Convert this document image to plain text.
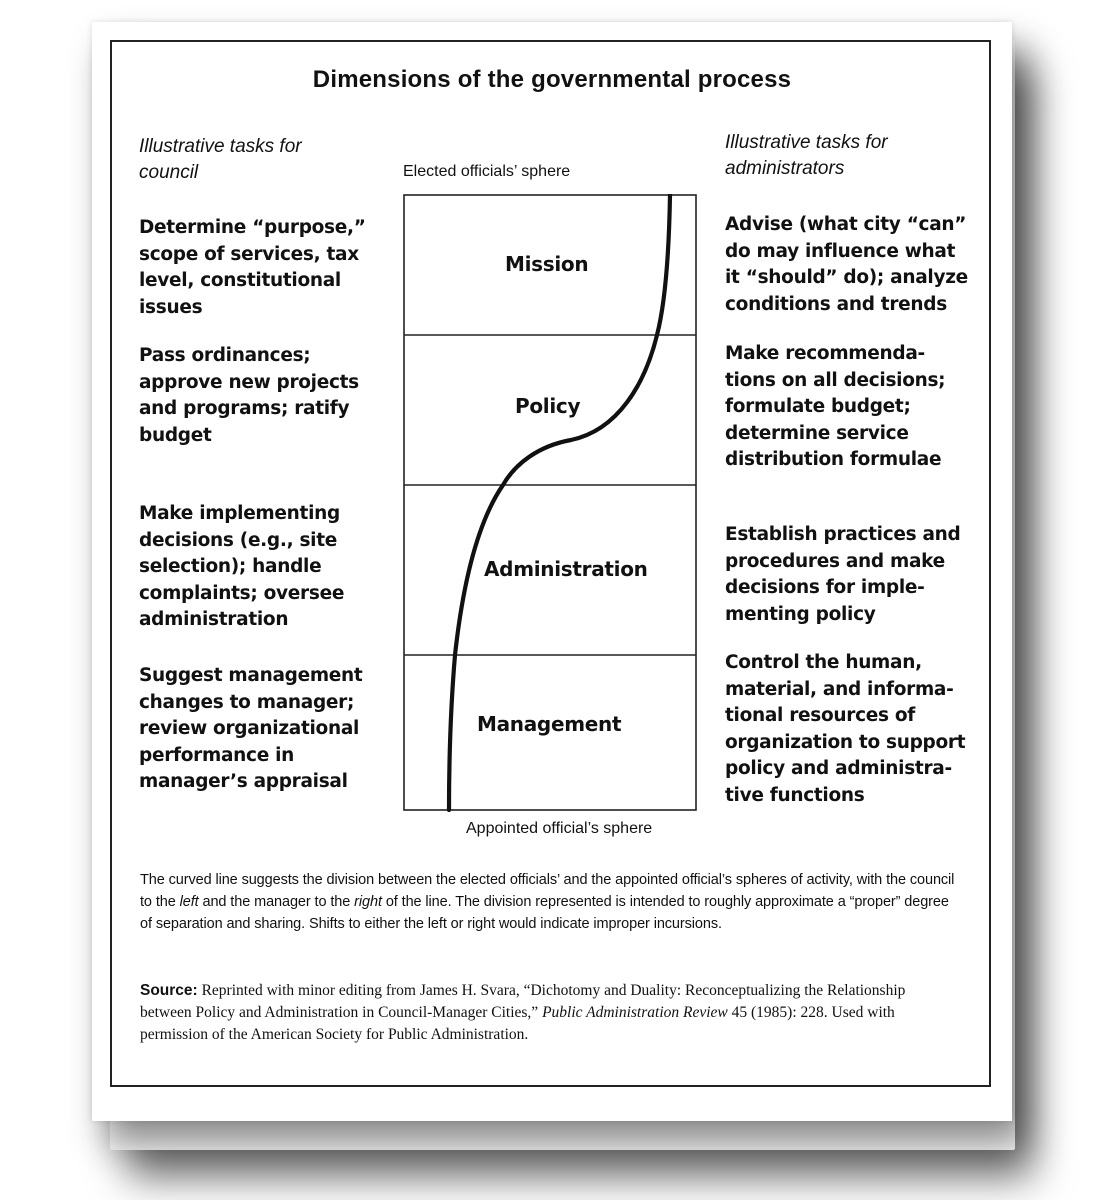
Dimensions of the governmental process
Illustrative tasks for
council
Illustrative tasks for
administrators
Elected officials’ sphere
Appointed official’s sphere
Determine “purpose,”
scope of services, tax
level, constitutional
issues
Pass ordinances;
approve new projects
and programs; ratify
budget
Make implementing
decisions (e.g., site
selection); handle
complaints; oversee
administration
Suggest management
changes to manager;
review organizational
performance in
manager’s appraisal
Advise (what city “can”
do may influence what
it “should” do); analyze
conditions and trends
Make recommenda-
tions on all decisions;
formulate budget;
determine service
distribution formulae
Establish practices and
procedures and make
decisions for imple-
menting policy
Control the human,
material, and informa-
tional resources of
organization to support
policy and administra-
tive functions
Mission
Policy
Administration
Management
The curved line suggests the division between the elected officials’ and the appointed official’s spheres of activity, with the council to the left and the manager to the right of the line. The division represented is intended to roughly approximate a “proper” degree of separation and sharing. Shifts to either the left or right would indicate improper incursions.
Source: Reprinted with minor editing from James H. Svara, “Dichotomy and Duality: Reconceptualizing the Relationship between Policy and Administration in Council-Manager Cities,” Public Administration Review 45 (1985): 228. Used with permission of the American Society for Public Administration.
